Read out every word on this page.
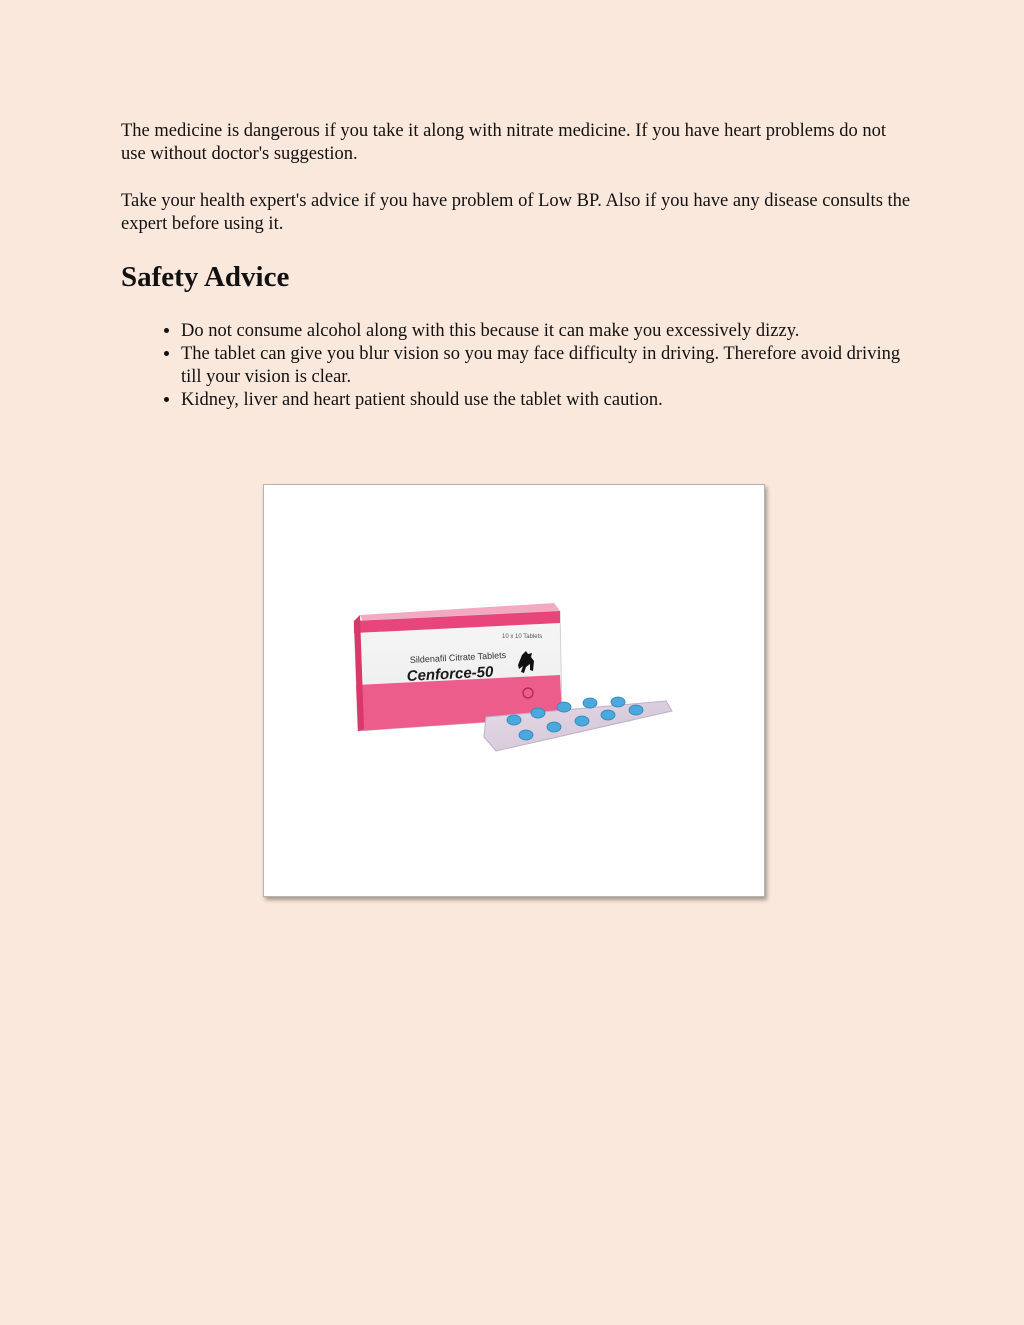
The medicine is dangerous if you take it along with nitrate medicine. If you have heart problems do not use without doctor's suggestion.

Take your health expert's advice if you have problem of Low BP. Also if you have any disease consults the expert before using it.

Safety Advice
• Do not consume alcohol along with this because it can make you excessively dizzy.
• The tablet can give you blur vision so you may face difficulty in driving. Therefore avoid driving till your vision is clear.
• Kidney, liver and heart patient should use the tablet with caution.
10 x 10 Tablets
Sildenafil Citrate Tablets
Cenforce-50
